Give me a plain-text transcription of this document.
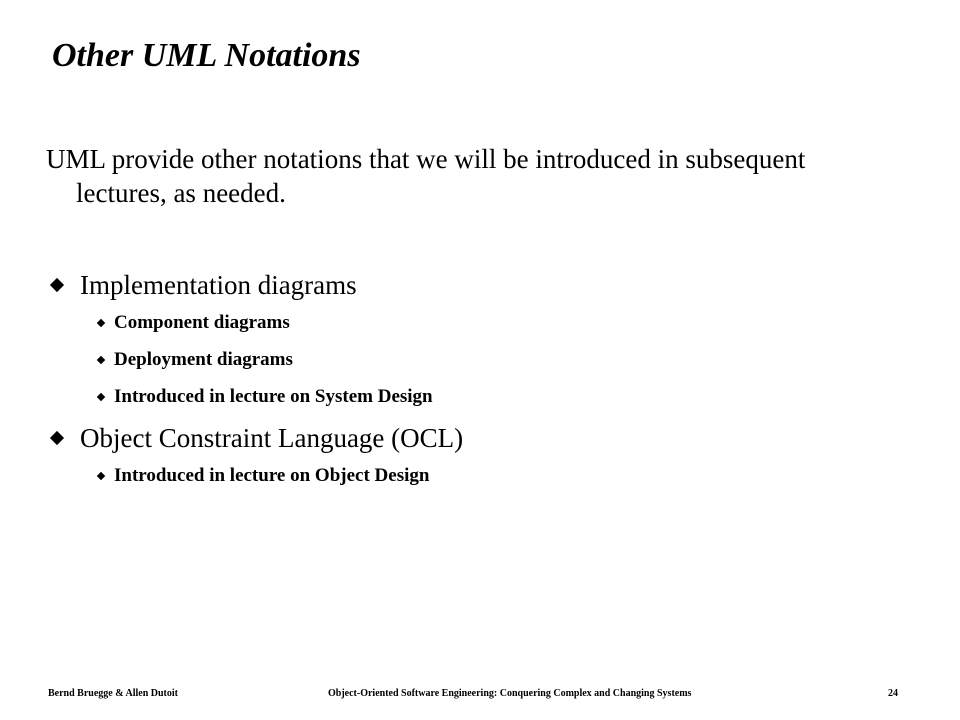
Other UML Notations
UML provide other notations that we will be introduced in subsequent lectures, as needed.
Implementation diagrams
Component diagrams
Deployment diagrams
Introduced in lecture on System Design
Object Constraint Language (OCL)
Introduced in lecture on Object Design
Bernd Bruegge & Allen Dutoit	Object-Oriented Software Engineering: Conquering Complex and Changing Systems	24
